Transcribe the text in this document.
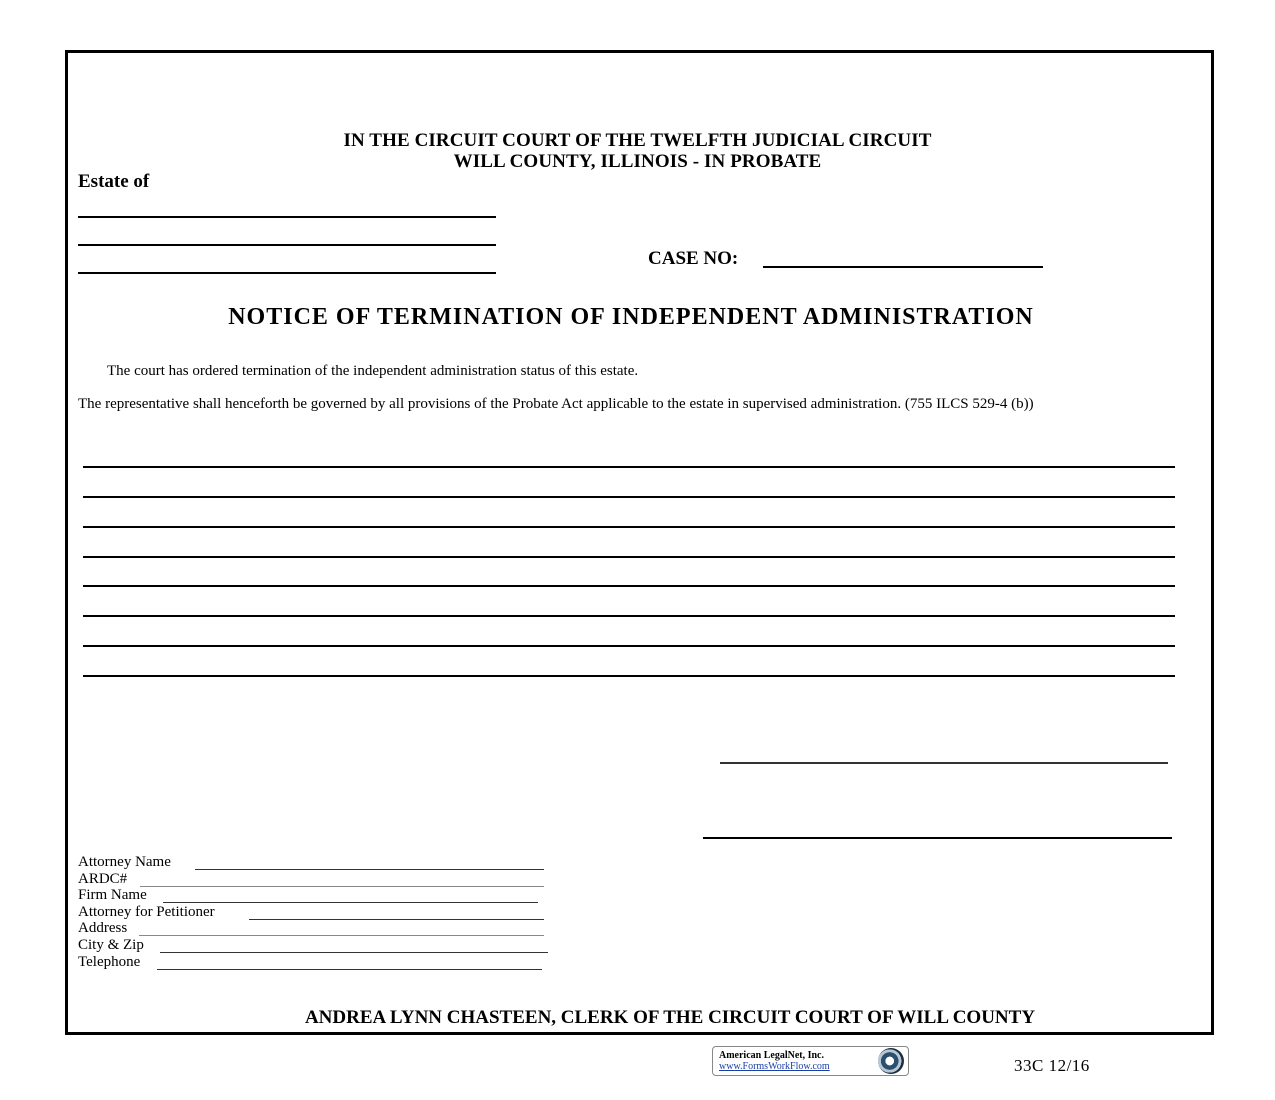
IN THE CIRCUIT COURT OF THE TWELFTH JUDICIAL CIRCUIT
WILL COUNTY, ILLINOIS - IN PROBATE
Estate of
CASE NO:
NOTICE OF TERMINATION OF INDEPENDENT ADMINISTRATION
The court has ordered termination of the independent administration status of this estate.
The representative shall henceforth be governed by all provisions of the Probate Act applicable to the estate in supervised administration. (755 ILCS 529-4 (b))
Attorney Name
ARDC#
Firm Name
Attorney for Petitioner
Address
City & Zip
Telephone
ANDREA LYNN CHASTEEN, CLERK OF THE CIRCUIT COURT OF WILL COUNTY
American LegalNet, Inc.
www.FormsWorkFlow.com	33C 12/16
